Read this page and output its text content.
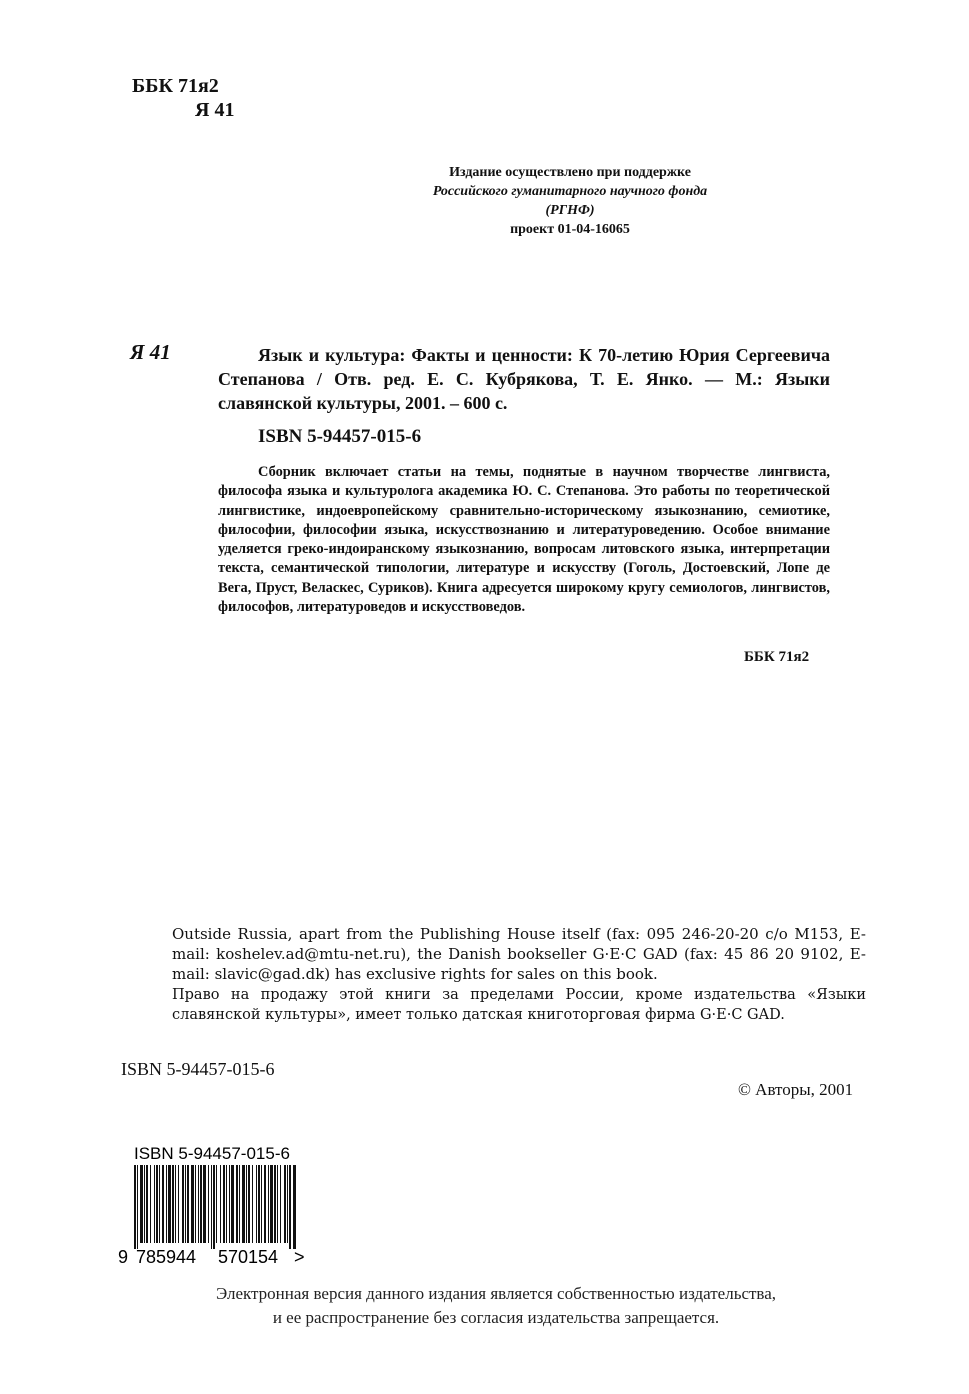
ББК 71я2
Я 41
Издание осуществлено при поддержке
Российского гуманитарного научного фонда
(РГНФ)
проект 01-04-16065
Я 41	Язык и культура: Факты и ценности: К 70-летию Юрия Сергеевича Степанова / Отв. ред. Е. С. Кубрякова, Т. Е. Янко. — М.: Языки славянской культуры, 2001. – 600 с.
ISBN 5-94457-015-6
Сборник включает статьи на темы, поднятые в научном творчестве лингвиста, философа языка и культуролога академика Ю. С. Степанова. Это работы по теоретической лингвистике, индоевропейскому сравнительно-историческому языкознанию, семиотике, философии, философии языка, искусствознанию и литературоведению. Особое внимание уделяется греко-индоиранскому языкознанию, вопросам литовского языка, интерпретации текста, семантической типологии, литературе и искусству (Гоголь, Достоевский, Лопе де Вега, Пруст, Веласкес, Суриков). Книга адресуется широкому кругу семиологов, лингвистов, философов, литературоведов и искусствоведов.
ББК 71я2
Outside Russia, apart from the Publishing House itself (fax: 095 246-20-20 c/o M153, E-mail: koshelev.ad@mtu-net.ru), the Danish bookseller G·E·C GAD (fax: 45 86 20 9102, E-mail: slavic@gad.dk) has exclusive rights for sales on this book.
Право на продажу этой книги за пределами России, кроме издательства «Языки славянской культуры», имеет только датская книготорговая фирма G·E·C GAD.
ISBN 5-94457-015-6
© Авторы, 2001
ISBN 5-94457-015-6
9 785944 570154 >
Электронная версия данного издания является собственностью издательства,
и ее распространение без согласия издательства запрещается.
